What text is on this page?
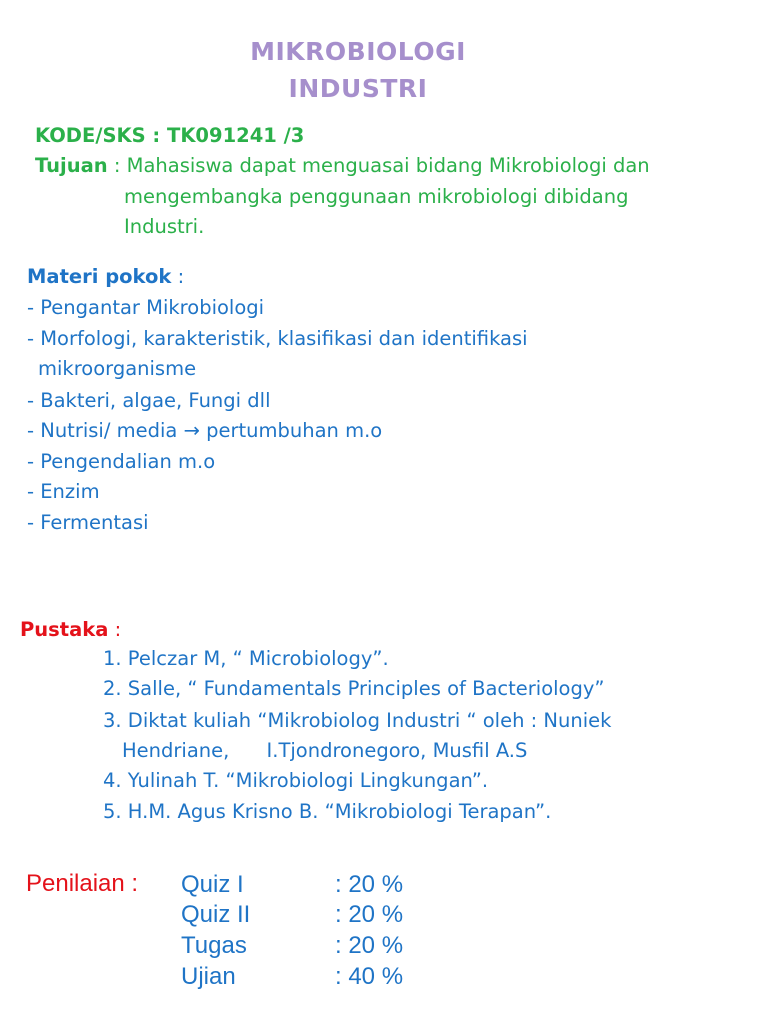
MIKROBIOLOGI
INDUSTRI
KODE/SKS : TK091241 /3
Tujuan : Mahasiswa dapat menguasai bidang Mikrobiologi dan
mengembangka penggunaan mikrobiologi dibidang
Industri.
Materi pokok :
- Pengantar Mikrobiologi
- Morfologi, karakteristik, klasifikasi dan identifikasi
mikroorganisme
- Bakteri, algae, Fungi dll
- Nutrisi/ media → pertumbuhan m.o
- Pengendalian m.o
- Enzim
- Fermentasi
Pustaka :
1. Pelczar M, “ Microbiology”.
2. Salle, “ Fundamentals Principles of Bacteriology”
3. Diktat kuliah “Mikrobiolog Industri “ oleh : Nuniek
Hendriane,      I.Tjondronegoro, Musfil A.S
4. Yulinah T. “Mikrobiologi Lingkungan”.
5. H.M. Agus Krisno B. “Mikrobiologi Terapan”.
Penilaian : Quiz I	: 20 %
Quiz II	: 20 %
Tugas	: 20 %
Ujian	: 40 %
